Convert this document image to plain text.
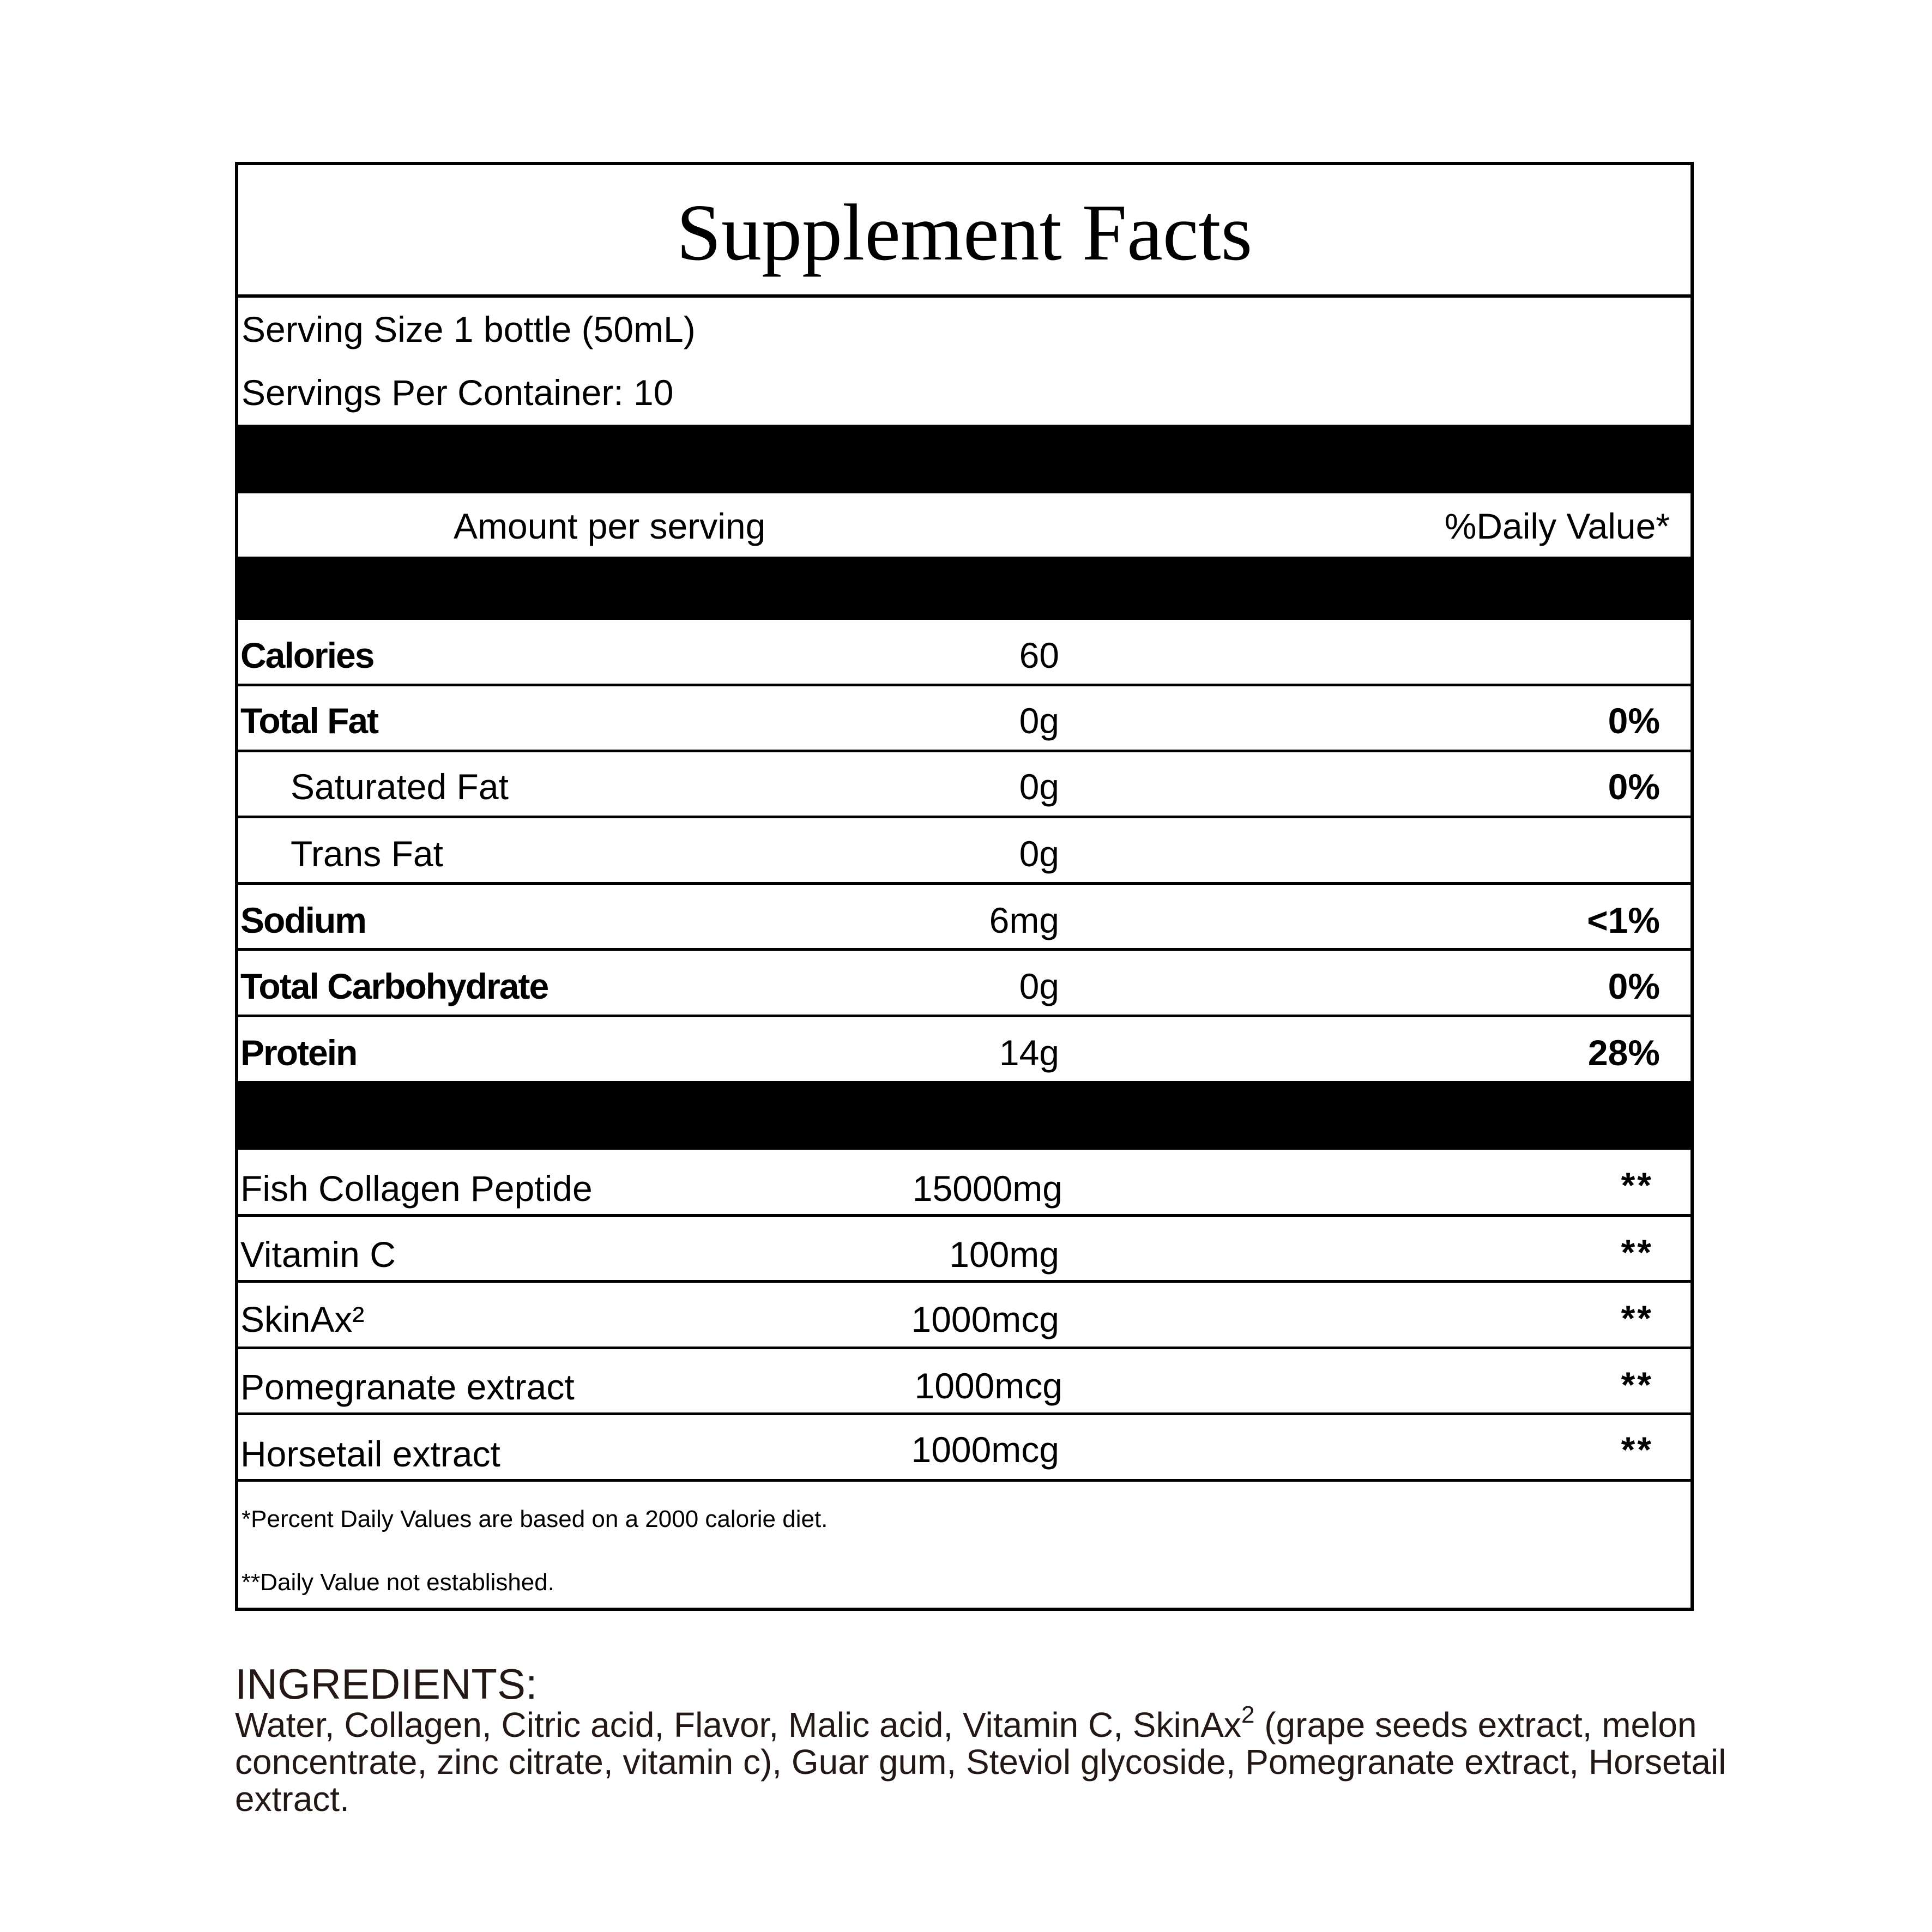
Supplement Facts
Serving Size 1 bottle (50mL)
Servings Per Container: 10
Amount per serving	%Daily Value*
Calories	60
Total Fat	0g	0%
Saturated Fat	0g	0%
Trans Fat	0g
Sodium	6mg	<1%
Total Carbohydrate	0g	0%
Protein	14g	28%
Fish Collagen Peptide	15000mg	**
Vitamin C	100mg	**
SkinAx²	1000mcg	**
Pomegranate extract	1000mcg	**
Horsetail extract	1000mcg	**
*Percent Daily Values are based on a 2000 calorie diet.
**Daily Value not established.
INGREDIENTS:
Water, Collagen, Citric acid, Flavor, Malic acid, Vitamin C, SkinAx$^2$ (grape seeds extract, melon concentrate, zinc citrate, vitamin c), Guar gum, Steviol glycoside, Pomegranate extract, Horsetail extract.
